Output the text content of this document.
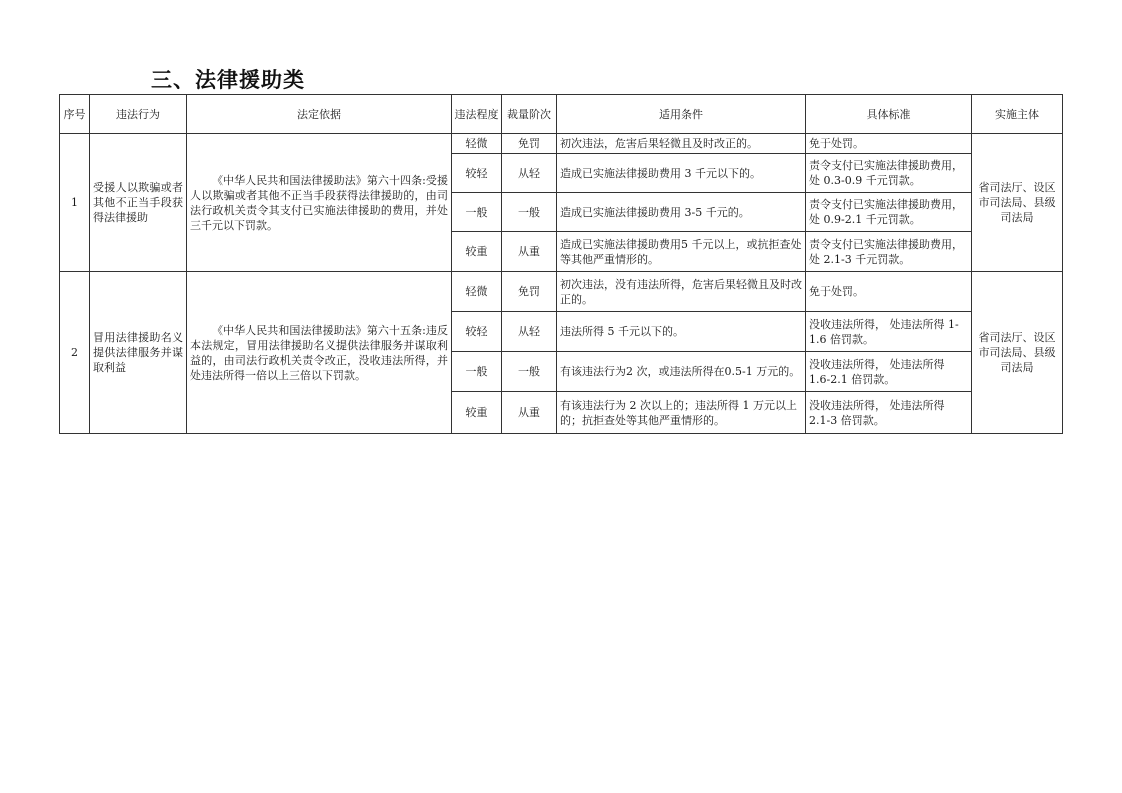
三、法律援助类
序号	违法行为	法定依据	违法程度	裁量阶次	适用条件	具体标准	实施主体
1	受援人以欺骗或者其他不正当手段获得法律援助	《中华人民共和国法律援助法》第六十四条:受援人以欺骗或者其他不正当手段获得法律援助的，由司法行政机关责令其支付已实施法律援助的费用，并处三千元以下罚款。	轻微	免罚	初次违法，危害后果轻微且及时改正的。	免于处罚。	省司法厅、设区市司法局、县级司法局
			较轻	从轻	造成已实施法律援助费用 3 千元以下的。	责令支付已实施法律援助费用，处 0.3-0.9 千元罚款。	
			一般	一般	造成已实施法律援助费用 3-5 千元的。	责令支付已实施法律援助费用，处 0.9-2.1 千元罚款。	
			较重	从重	造成已实施法律援助费用5 千元以上，或抗拒查处等其他严重情形的。	责令支付已实施法律援助费用，处 2.1-3 千元罚款。	
2	冒用法律援助名义提供法律服务并谋取利益	《中华人民共和国法律援助法》第六十五条:违反本法规定，冒用法律援助名义提供法律服务并谋取利益的，由司法行政机关责令改正，没收违法所得，并处违法所得一倍以上三倍以下罚款。	轻微	免罚	初次违法，没有违法所得，危害后果轻微且及时改正的。	免于处罚。	省司法厅、设区市司法局、县级司法局
			较轻	从轻	违法所得 5 千元以下的。	没收违法所得， 处违法所得 1-1.6 倍罚款。	
			一般	一般	有该违法行为2 次，或违法所得在0.5-1 万元的。	没收违法所得， 处违法所得 1.6-2.1 倍罚款。	
			较重	从重	有该违法行为 2 次以上的；违法所得 1 万元以上的；抗拒查处等其他严重情形的。	没收违法所得， 处违法所得 2.1-3 倍罚款。	
